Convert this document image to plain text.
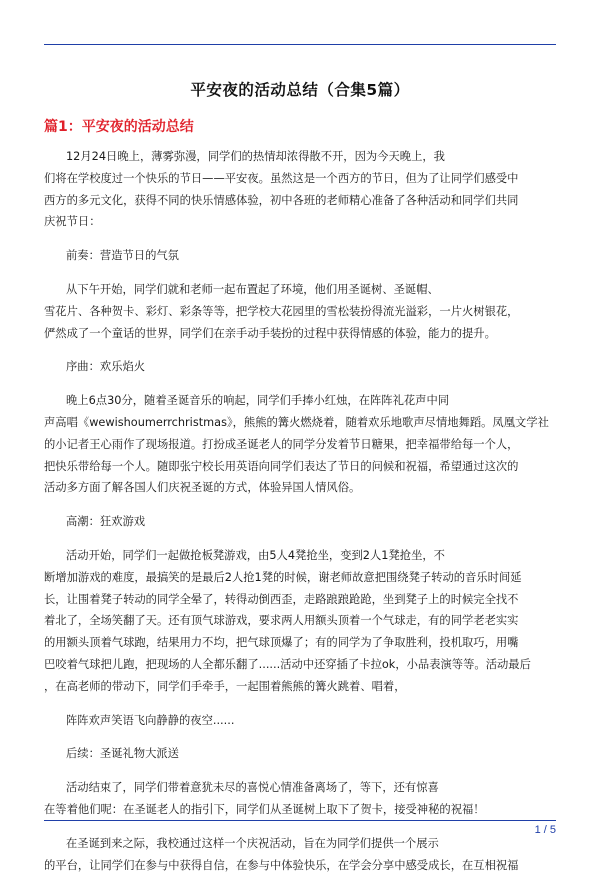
平安夜的活动总结（合集5篇）
篇1：平安夜的活动总结
12月24日晚上，薄雾弥漫，同学们的热情却浓得散不开，因为今天晚上，我
们将在学校度过一个快乐的节日——平安夜。虽然这是一个西方的节日，但为了让同学们感受中
西方的多元文化，获得不同的快乐情感体验，初中各班的老师精心准备了各种活动和同学们共同
庆祝节日：
前奏：营造节日的气氛
从下午开始，同学们就和老师一起布置起了环境，他们用圣诞树、圣诞帽、
雪花片、各种贺卡、彩灯、彩条等等，把学校大花园里的雪松装扮得流光溢彩，一片火树银花，
俨然成了一个童话的世界，同学们在亲手动手装扮的过程中获得情感的体验，能力的提升。
序曲：欢乐焰火
晚上6点30分，随着圣诞音乐的响起，同学们手捧小红烛，在阵阵礼花声中同
声高唱《wewishoumerrchristmas》，熊熊的篝火燃烧着，随着欢乐地歌声尽情地舞蹈。凤凰文学社
的小记者王心雨作了现场报道。打扮成圣诞老人的同学分发着节日糖果，把幸福带给每一个人，
把快乐带给每一个人。随即张宁校长用英语向同学们表达了节日的问候和祝福，希望通过这次的
活动多方面了解各国人们庆祝圣诞的方式，体验异国人情风俗。
高潮：狂欢游戏
活动开始，同学们一起做抢板凳游戏，由5人4凳抢坐，变到2人1凳抢坐，不
断增加游戏的难度，最搞笑的是最后2人抢1凳的时候，谢老师故意把围绕凳子转动的音乐时间延
长，让围着凳子转动的同学全晕了，转得动倒西歪，走路踉踉跄跄，坐到凳子上的时候完全找不
着北了，全场笑翻了天。还有顶气球游戏，要求两人用额头顶着一个气球走，有的同学老老实实
的用额头顶着气球跑，结果用力不均，把气球顶爆了；有的同学为了争取胜利，投机取巧，用嘴
巴咬着气球把儿跑，把现场的人全都乐翻了......活动中还穿插了卡拉ok，小品表演等等。活动最后
，在高老师的带动下，同学们手牵手，一起围着熊熊的篝火跳着、唱着，
阵阵欢声笑语飞向静静的夜空......
后续：圣诞礼物大派送
活动结束了，同学们带着意犹未尽的喜悦心情准备离场了，等下，还有惊喜
在等着他们呢：在圣诞老人的指引下，同学们从圣诞树上取下了贺卡，接受神秘的祝福！
在圣诞到来之际，我校通过这样一个庆祝活动，旨在为同学们提供一个展示
的平台，让同学们在参与中获得自信，在参与中体验快乐，在学会分享中感受成长，在互相祝福
1 / 5
